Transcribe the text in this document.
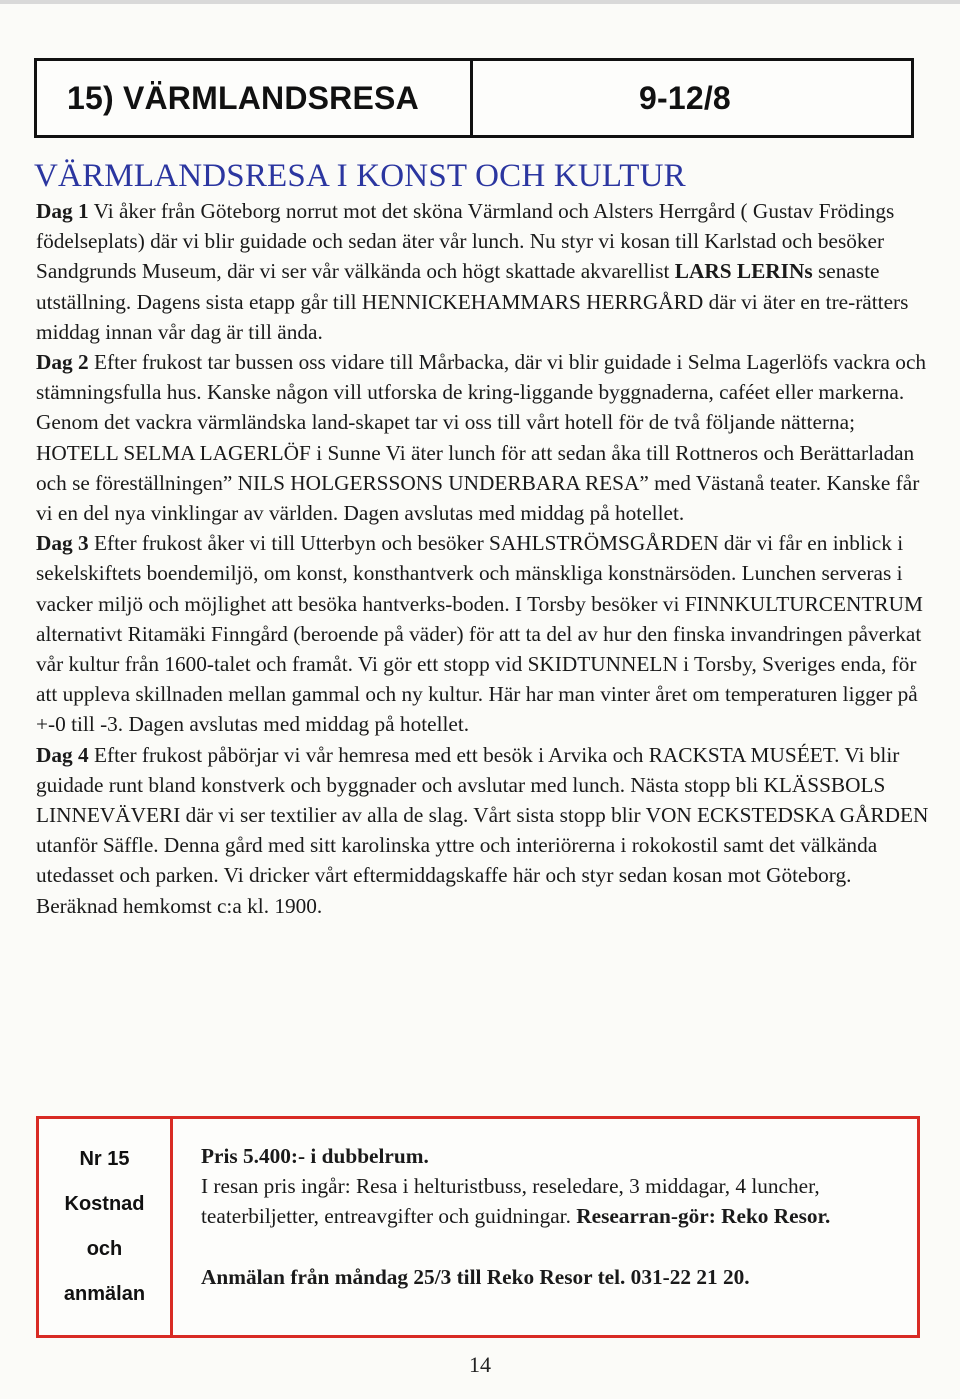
15) VÄRMLANDSRESA	9-12/8
VÄRMLANDSRESA I KONST OCH KULTUR

Dag 1 Vi åker från Göteborg norrut mot det sköna Värmland och Alsters Herrgård ( Gustav Frödings födelseplats) där vi blir guidade och sedan äter vår lunch. Nu styr vi kosan till Karlstad och besöker Sandgrunds Museum, där vi ser vår välkända och högt skattade akvarellist LARS LERINs senaste utställning. Dagens sista etapp går till HENNICKEHAMMARS HERRGÅRD där vi äter en tre-rätters middag innan vår dag är till ända.

Dag 2 Efter frukost tar bussen oss vidare till Mårbacka, där vi blir guidade i Selma Lagerlöfs vackra och stämningsfulla hus. Kanske någon vill utforska de kring-liggande byggnaderna, caféet eller markerna. Genom det vackra värmländska land-skapet tar vi oss till vårt hotell för de två följande nätterna; HOTELL SELMA LAGERLÖF i Sunne Vi äter lunch för att sedan åka till Rottneros och Berättarladan och se föreställningen” NILS HOLGERSSONS UNDERBARA RESA” med Västanå teater. Kanske får vi en del nya vinklingar av världen. Dagen avslutas med middag på hotellet.

Dag 3 Efter frukost åker vi till Utterbyn och besöker SAHLSTRÖMSGÅRDEN där vi får en inblick i sekelskiftets boendemiljö, om konst, konsthantverk och mänskliga konstnärsöden. Lunchen serveras i vacker miljö och möjlighet att besöka hantverks-boden. I Torsby besöker vi FINNKULTURCENTRUM alternativt Ritamäki Finngård (beroende på väder) för att ta del av hur den finska invandringen påverkat vår kultur från 1600-talet och framåt. Vi gör ett stopp vid SKIDTUNNELN i Torsby, Sveriges enda, för att uppleva skillnaden mellan gammal och ny kultur. Här har man vinter året om temperaturen ligger på +-0 till -3. Dagen avslutas med middag på hotellet.

Dag 4 Efter frukost påbörjar vi vår hemresa med ett besök i Arvika och RACKSTA MUSÉET. Vi blir guidade runt bland konstverk och byggnader och avslutar med lunch. Nästa stopp bli KLÄSSBOLS LINNEVÄVERI där vi ser textilier av alla de slag. Vårt sista stopp blir VON ECKSTEDSKA GÅRDEN utanför Säffle. Denna gård med sitt karolinska yttre och interiörerna i rokokostil samt det välkända utedasset och parken. Vi dricker vårt eftermiddagskaffe här och styr sedan kosan mot Göteborg. Beräknad hemkomst c:a kl. 1900.

Nr 15
Kostnad
och
anmälan
Pris 5.400:- i dubbelrum.
I resan pris ingår: Resa i helturistbuss, reseledare, 3 middagar, 4 luncher, teaterbiljetter, entreavgifter och guidningar. Researran-gör: Reko Resor.
Anmälan från måndag 25/3 till Reko Resor tel. 031-22 21 20.
14
